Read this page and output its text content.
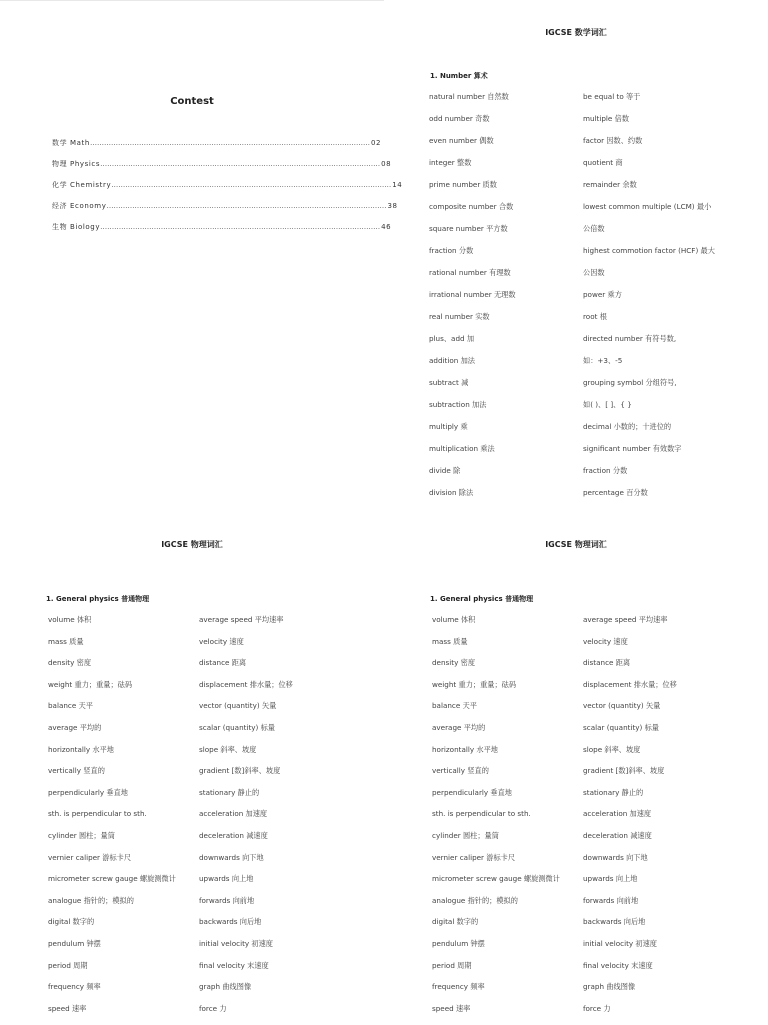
Contest
数学 Math ………………………………………………………………………………………………………… 02
物理 Physics ………………………………………………………………………………………………………… 08
化学 Chemistry ………………………………………………………………………………………………………… 14
经济 Economy ………………………………………………………………………………………………………… 38
生物 Biology ………………………………………………………………………………………………………… 46
IGCSE 数学词汇
1. Number 算术
natural number 自然数
odd number 奇数
even number 偶数
integer 整数
prime number 质数
composite number 合数
square number 平方数
fraction 分数
rational number 有理数
irrational number 无理数
real number 实数
plus、add 加
addition 加法
subtract 减
subtraction 加法
multiply 乘
multiplication 乘法
divide 除
division 除法
be equal to 等于
multiple 倍数
factor 因数、约数
quotient 商
remainder 余数
lowest common multiple (LCM) 最小
公倍数
highest commotion factor (HCF) 最大
公因数
power 乘方
root 根
directed number 有符号数,
如：+3、-5
grouping symbol 分组符号,
如( )、[ ]、{ }
decimal 小数的；十进位的
significant number 有效数字
fraction 分数
percentage 百分数
IGCSE 物理词汇
1. General physics 普通物理
volume 体积
mass 质量
density 密度
weight 重力；重量；砝码
balance 天平
average 平均的
horizontally 水平地
vertically 竖直的
perpendicularly 垂直地
sth. is perpendicular to sth.
cylinder 圆柱；量筒
vernier caliper 游标卡尺
micrometer screw gauge 螺旋测微计
analogue 指针的；模拟的
digital 数字的
pendulum 钟摆
period 周期
frequency 频率
speed 速率
average speed 平均速率
velocity 速度
distance 距离
displacement 排水量；位移
vector (quantity) 矢量
scalar (quantity) 标量
slope 斜率、坡度
gradient [数]斜率、坡度
stationary 静止的
acceleration 加速度
deceleration 减速度
downwards 向下地
upwards 向上地
forwards 向前地
backwards 向后地
initial velocity 初速度
final velocity 末速度
graph 曲线图像
force 力
IGCSE 物理词汇
1. General physics 普通物理
volume 体积
mass 质量
density 密度
weight 重力；重量；砝码
balance 天平
average 平均的
horizontally 水平地
vertically 竖直的
perpendicularly 垂直地
sth. is perpendicular to sth.
cylinder 圆柱；量筒
vernier caliper 游标卡尺
micrometer screw gauge 螺旋测微计
analogue 指针的；模拟的
digital 数字的
pendulum 钟摆
period 周期
frequency 频率
speed 速率
average speed 平均速率
velocity 速度
distance 距离
displacement 排水量；位移
vector (quantity) 矢量
scalar (quantity) 标量
slope 斜率、坡度
gradient [数]斜率、坡度
stationary 静止的
acceleration 加速度
deceleration 减速度
downwards 向下地
upwards 向上地
forwards 向前地
backwards 向后地
initial velocity 初速度
final velocity 末速度
graph 曲线图像
force 力
